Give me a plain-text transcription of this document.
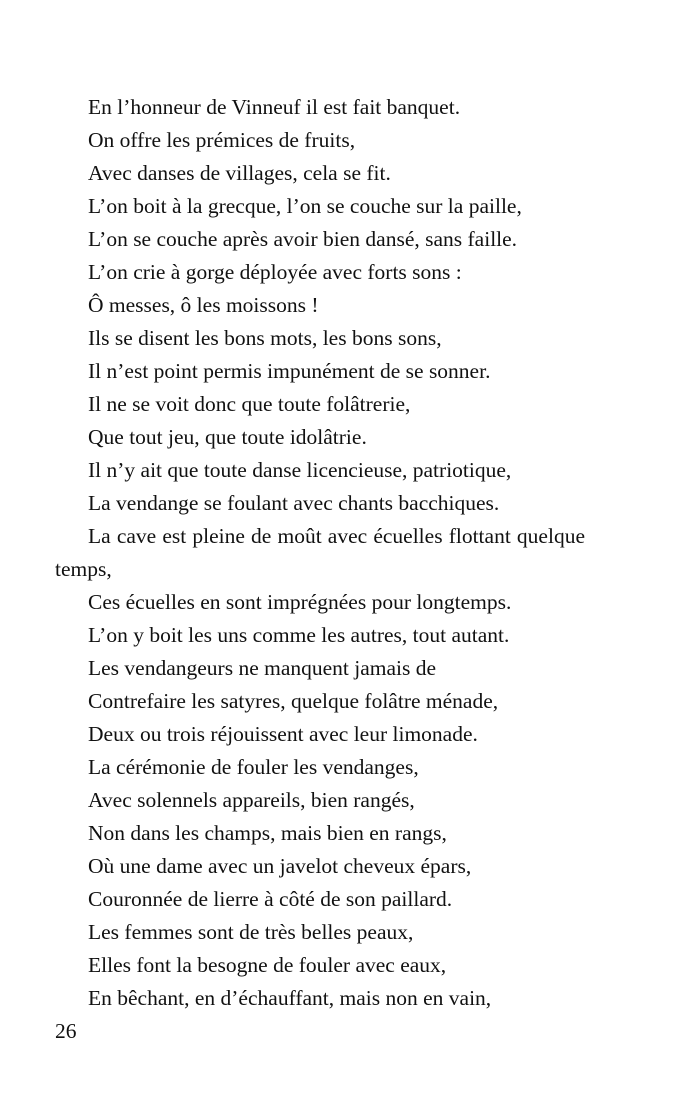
En l’honneur de Vinneuf il est fait banquet.
On offre les prémices de fruits,
Avec danses de villages, cela se fit.
L’on boit à la grecque, l’on se couche sur la paille,
L’on se couche après avoir bien dansé, sans faille.
L’on crie à gorge déployée avec forts sons :
Ô messes, ô les moissons !
Ils se disent les bons mots, les bons sons,
Il n’est point permis impunément de se sonner.
Il ne se voit donc que toute folâtrerie,
Que tout jeu, que toute idolâtrie.
Il n’y ait que toute danse licencieuse, patriotique,
La vendange se foulant avec chants bacchiques.
La cave est pleine de moût avec écuelles flottant quelque temps,
Ces écuelles en sont imprégnées pour longtemps.
L’on y boit les uns comme les autres, tout autant.
Les vendangeurs ne manquent jamais de
Contrefaire les satyres, quelque folâtre ménade,
Deux ou trois réjouissent avec leur limonade.
La cérémonie de fouler les vendanges,
Avec solennels appareils, bien rangés,
Non dans les champs, mais bien en rangs,
Où une dame avec un javelot cheveux épars,
Couronnée de lierre à côté de son paillard.
Les femmes sont de très belles peaux,
Elles font la besogne de fouler avec eaux,
En bêchant, en d’échauffant, mais non en vain,
26
